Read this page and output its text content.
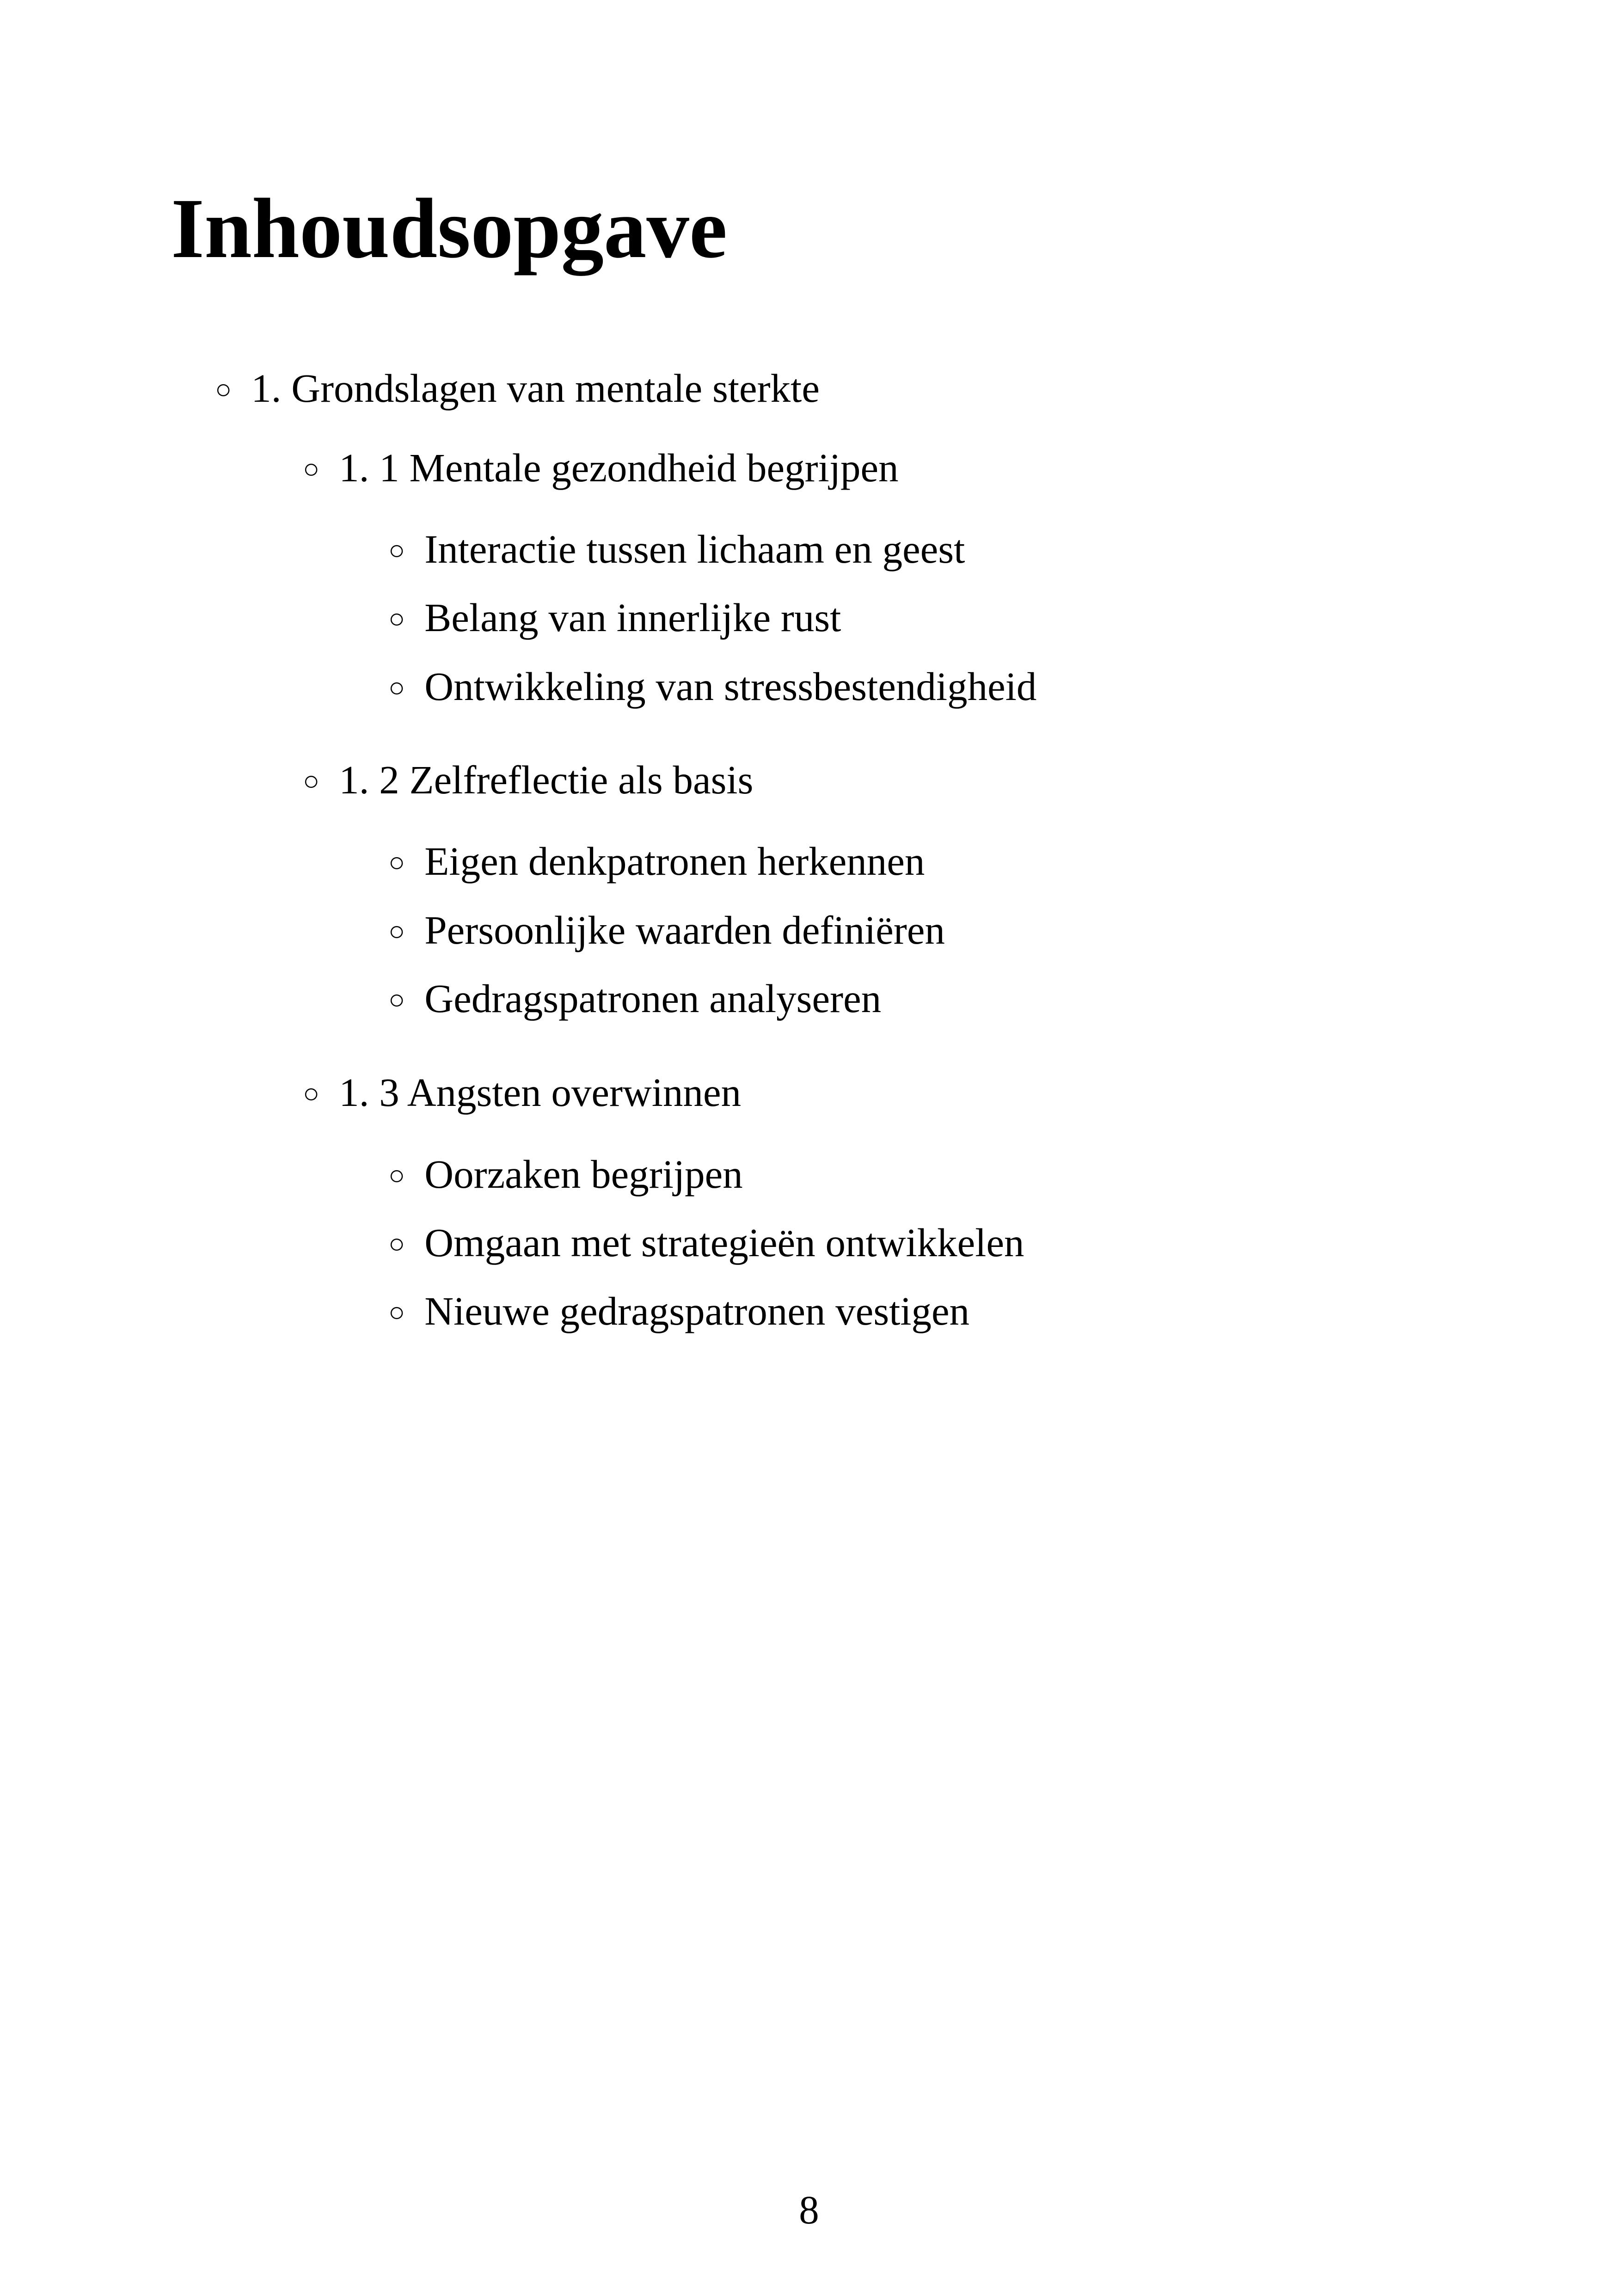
Inhoudsopgave
○ 1. Grondslagen van mentale sterkte
○ 1. 1 Mentale gezondheid begrijpen
○ Interactie tussen lichaam en geest
○ Belang van innerlijke rust
○ Ontwikkeling van stressbestendigheid
○ 1. 2 Zelfreflectie als basis
○ Eigen denkpatronen herkennen
○ Persoonlijke waarden definiëren
○ Gedragspatronen analyseren
○ 1. 3 Angsten overwinnen
○ Oorzaken begrijpen
○ Omgaan met strategieën ontwikkelen
○ Nieuwe gedragspatronen vestigen
8
